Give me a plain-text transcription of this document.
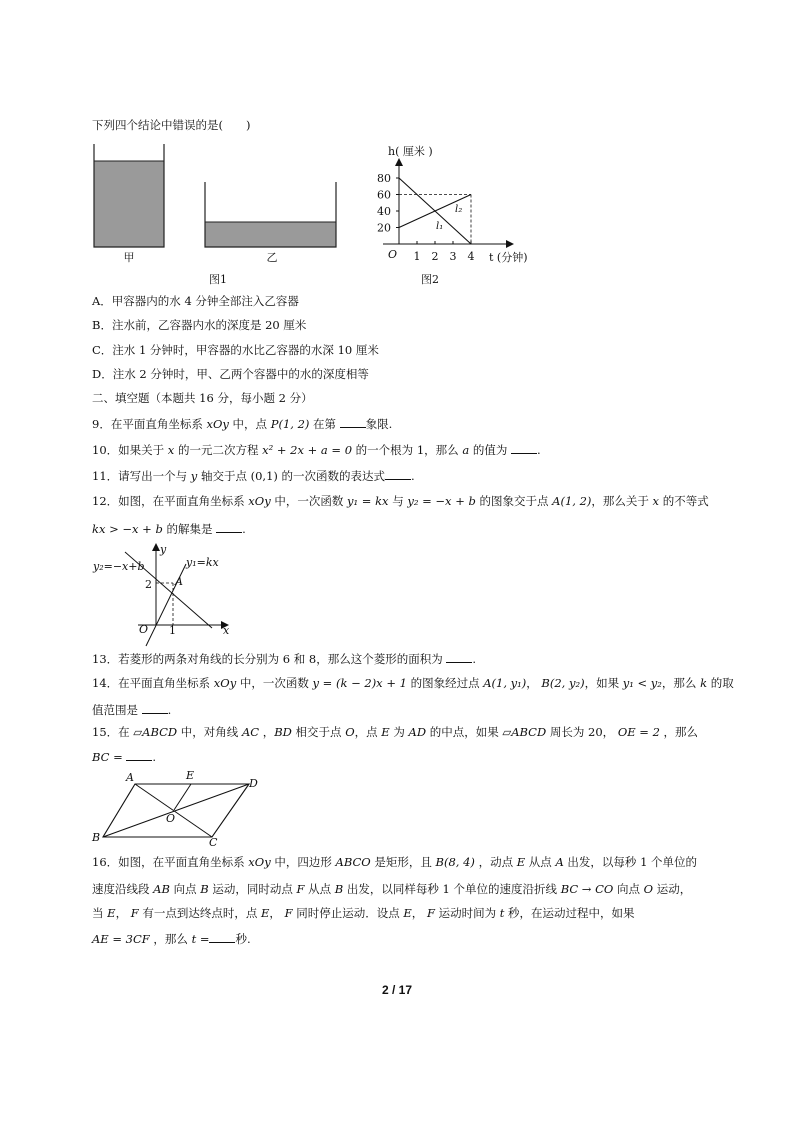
下列四个结论中错误的是(　　)
甲	乙
图1
h( 厘米 )
t (分钟)
O
80
60
40
20
1 2 3 4
l₂
l₁
图2
A．甲容器内的水 4 分钟全部注入乙容器
B．注水前，乙容器内水的深度是 20 厘米
C．注水 1 分钟时，甲容器的水比乙容器的水深 10 厘米
D．注水 2 分钟时，甲、乙两个容器中的水的深度相等
二、填空题（本题共 16 分，每小题 2 分）
9．在平面直角坐标系 xOy 中，点 P(1, 2) 在第 象限.
10．如果关于 x 的一元二次方程 x² + 2x + a = 0 的一个根为 1，那么 a 的值为 .
11．请写出一个与 y 轴交于点 (0,1) 的一次函数的表达式 .
12．如图，在平面直角坐标系 xOy 中，一次函数 y₁ = kx 与 y₂ = −x + b 的图象交于点 A(1, 2)，那么关于 x 的不等式
kx > −x + b 的解集是 .
y₂=−x+b	y₁=kx
A
2
1
O	x
y
13．若菱形的两条对角线的长分别为 6 和 8，那么这个菱形的面积为 .
14．在平面直角坐标系 xOy 中，一次函数 y = (k − 2)x + 1 的图象经过点 A(1, y₁)， B(2, y₂)，如果 y₁ < y₂，那么 k 的取
值范围是 .
15．在 ▱ABCD 中，对角线 AC ，BD 相交于点 O，点 E 为 AD 的中点，如果 ▱ABCD 周长为 20， OE = 2 ，那么
BC = .
A	E
D
O
B	C
16．如图，在平面直角坐标系 xOy 中，四边形 ABCO 是矩形，且 B(8, 4) ，动点 E 从点 A 出发，以每秒 1 个单位的
速度沿线段 AB 向点 B 运动，同时动点 F 从点 B 出发，以同样每秒 1 个单位的速度沿折线 BC → CO 向点 O 运动，
当 E， F 有一点到达终点时，点 E， F 同时停止运动．设点 E， F 运动时间为 t 秒，在运动过程中，如果
AE = 3CF ，那么 t = 秒.
2 / 17
